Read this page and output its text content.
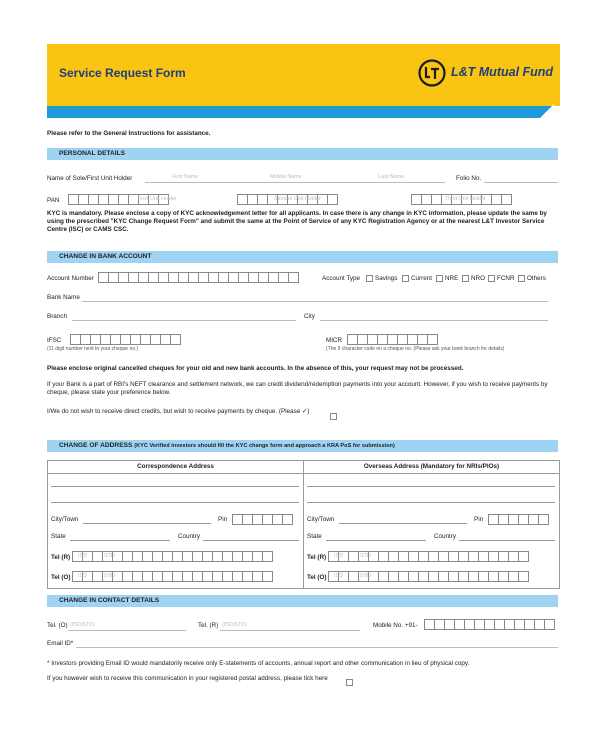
Service Request Form	L&T Mutual Fund
Please refer to the General Instructions for assistance.
PERSONAL DETAILS
Name of Sole/First Unit Holder	First Name	Middle Name	Last Name	Folio No.
PAN	First Unit Holder	Second Unit Holder	Third Unit Holder
KYC is mandatory. Please enclose a copy of KYC acknowledgement letter for all applicants. In case there is any change in KYC information, please update the same by using the prescribed "KYC Change Request Form" and submit the same at the Point of Service of any KYC Registration Agency or at the nearest L&T Investor Service Centre (ISC) or CAMS CSC.
CHANGE IN BANK ACCOUNT
Account Number	Account Type	Savings	Current	NRE	NRO	FCNR	Others
Bank Name
Branch	City
IFSC
(11 digit number next to your cheque no.)
MICR
(The 9 character code on a cheque no. (Please ask your bank branch for details)
Please enclose original cancelled cheques for your old and new bank accounts. In the absence of this, your request may not be processed.
If your Bank is a part of RBI's NEFT clearance and settlement network, we can credit dividend/redemption payments into your account. However, if you wish to receive payments by cheque, please state your preference below.
I/We do not wish to receive direct credits, but wish to receive payments by cheque. (Please ✓)
CHANGE OF ADDRESS (KYC Verified investors should fill the KYC change form and approach a KRA PoS for submission)
Correspondence Address	Overseas Address (Mandatory for NRIs/PIOs)
City/Town	Pin	City/Town	Pin
State	Country	State	Country
Tel (R) ISD	STD	Tel (R) ISD	STD
Tel (O) ISD	STD	Tel (O) ISD	STD
CHANGE IN CONTACT DETAILS
Tel. (O) (ISD/STD)	Tel. (R) (ISD/STD)	Mobile No. +91-
Email ID*
* Investors providing Email ID would mandatorily receive only E-statements of accounts, annual report and other communication in lieu of physical copy.
If you however wish to receive this communication in your registered postal address, please tick here
